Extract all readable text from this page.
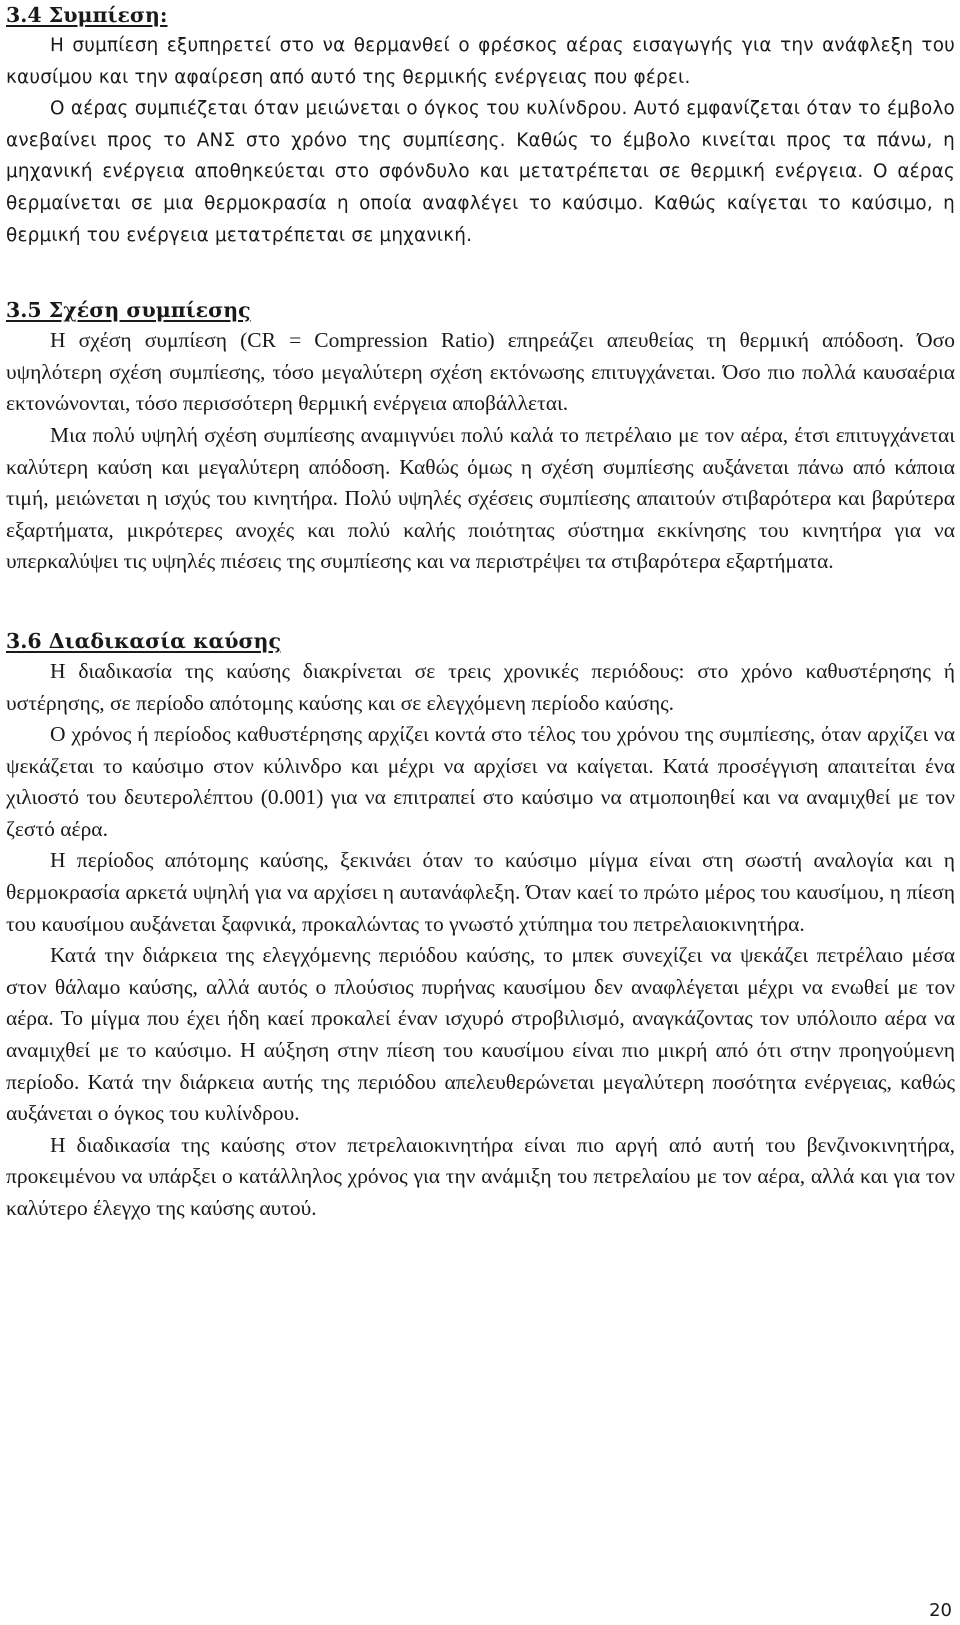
3.4 Συμπίεση:

Η συμπίεση εξυπηρετεί στο να θερμανθεί ο φρέσκος αέρας εισαγωγής για την ανάφλεξη του καυσίμου και την αφαίρεση από αυτό της θερμικής ενέργειας που φέρει.

Ο αέρας συμπιέζεται όταν μειώνεται ο όγκος του κυλίνδρου. Αυτό εμφανίζεται όταν το έμβολο ανεβαίνει προς το ΑΝΣ στο χρόνο της συμπίεσης. Καθώς το έμβολο κινείται προς τα πάνω, η μηχανική ενέργεια αποθηκεύεται στο σφόνδυλο και μετατρέπεται σε θερμική ενέργεια. Ο αέρας θερμαίνεται σε μια θερμοκρασία η οποία αναφλέγει το καύσιμο. Καθώς καίγεται το καύσιμο, η θερμική του ενέργεια μετατρέπεται σε μηχανική.

3.5 Σχέση συμπίεσης

Η σχέση συμπίεση (CR = Compression Ratio) επηρεάζει απευθείας τη θερμική απόδοση. Όσο υψηλότερη σχέση συμπίεσης, τόσο μεγαλύτερη σχέση εκτόνωσης επιτυγχάνεται. Όσο πιο πολλά καυσαέρια εκτονώνονται, τόσο περισσότερη θερμική ενέργεια αποβάλλεται.

Μια πολύ υψηλή σχέση συμπίεσης αναμιγνύει πολύ καλά το πετρέλαιο με τον αέρα, έτσι επιτυγχάνεται καλύτερη καύση και μεγαλύτερη απόδοση. Καθώς όμως η σχέση συμπίεσης αυξάνεται πάνω από κάποια τιμή, μειώνεται η ισχύς του κινητήρα. Πολύ υψηλές σχέσεις συμπίεσης απαιτούν στιβαρότερα και βαρύτερα εξαρτήματα, μικρότερες ανοχές και πολύ καλής ποιότητας σύστημα εκκίνησης του κινητήρα για να υπερκαλύψει τις υψηλές πιέσεις της συμπίεσης και να περιστρέψει τα στιβαρότερα εξαρτήματα.

3.6 Διαδικασία καύσης

Η διαδικασία της καύσης διακρίνεται σε τρεις χρονικές περιόδους: στο χρόνο καθυστέρησης ή υστέρησης, σε περίοδο απότομης καύσης και σε ελεγχόμενη περίοδο καύσης.

Ο χρόνος ή περίοδος καθυστέρησης αρχίζει κοντά στο τέλος του χρόνου της συμπίεσης, όταν αρχίζει να ψεκάζεται το καύσιμο στον κύλινδρο και μέχρι να αρχίσει να καίγεται. Κατά προσέγγιση απαιτείται ένα χιλιοστό του δευτερολέπτου (0.001) για να επιτραπεί στο καύσιμο να ατμοποιηθεί και να αναμιχθεί με τον ζεστό αέρα.

Η περίοδος απότομης καύσης, ξεκινάει όταν το καύσιμο μίγμα είναι στη σωστή αναλογία και η θερμοκρασία αρκετά υψηλή για να αρχίσει η αυτανάφλεξη. Όταν καεί το πρώτο μέρος του καυσίμου, η πίεση του καυσίμου αυξάνεται ξαφνικά, προκαλώντας το γνωστό χτύπημα του πετρελαιοκινητήρα.

Κατά την διάρκεια της ελεγχόμενης περιόδου καύσης, το μπεκ συνεχίζει να ψεκάζει πετρέλαιο μέσα στον θάλαμο καύσης, αλλά αυτός ο πλούσιος πυρήνας καυσίμου δεν αναφλέγεται μέχρι να ενωθεί με τον αέρα. Το μίγμα που έχει ήδη καεί προκαλεί έναν ισχυρό στροβιλισμό, αναγκάζοντας τον υπόλοιπο αέρα να αναμιχθεί με το καύσιμο. Η αύξηση στην πίεση του καυσίμου είναι πιο μικρή από ότι στην προηγούμενη περίοδο. Κατά την διάρκεια αυτής της περιόδου απελευθερώνεται μεγαλύτερη ποσότητα ενέργειας, καθώς αυξάνεται ο όγκος του κυλίνδρου.

Η διαδικασία της καύσης στον πετρελαιοκινητήρα είναι πιο αργή από αυτή του βενζινοκινητήρα, προκειμένου να υπάρξει ο κατάλληλος χρόνος για την ανάμιξη του πετρελαίου με τον αέρα, αλλά και για τον καλύτερο έλεγχο της καύσης αυτού.

20
